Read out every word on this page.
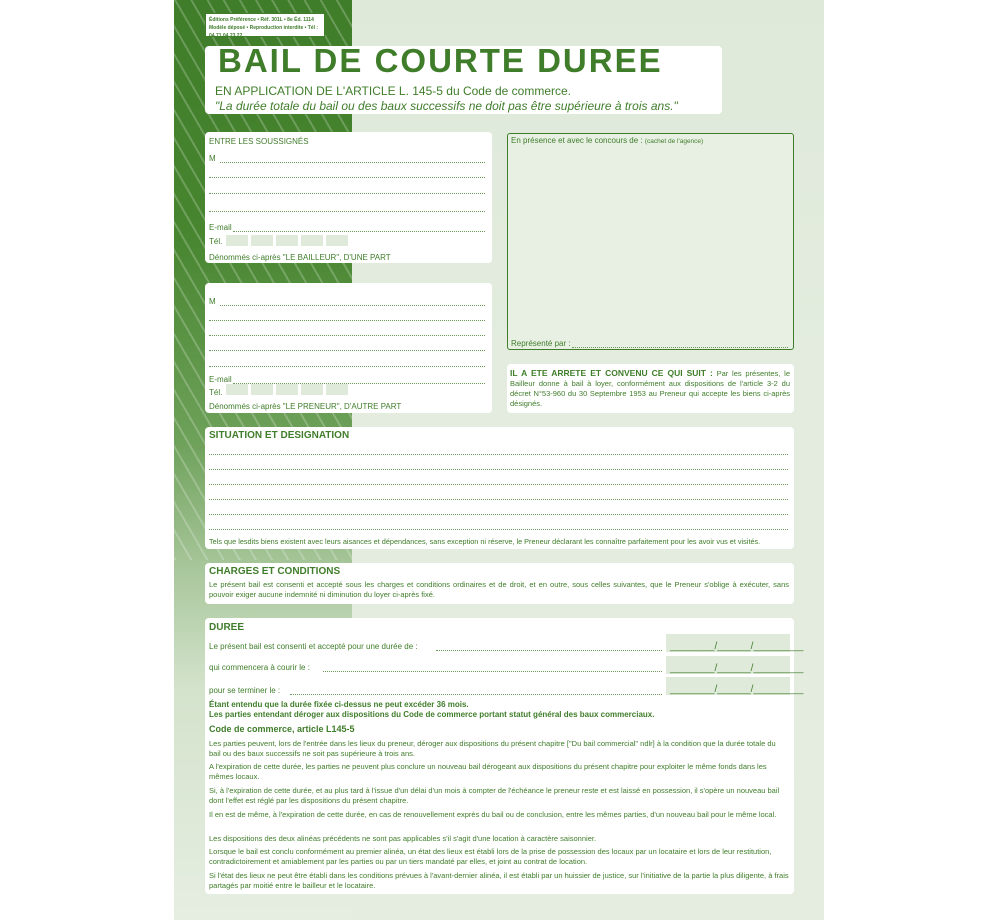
Éditions Préférence • Réf. 301L • 8e Éd. 1114
Modèle déposé • Reproduction interdite • Tél : 04 71 04 23 22
BAIL DE COURTE DUREE
EN APPLICATION DE L'ARTICLE L. 145-5 du Code de commerce.
"La durée totale du bail ou des baux successifs ne doit pas être supérieure à trois ans."
ENTRE LES SOUSSIGNÉS
M
E-mail
Tél.
Dénommés ci-après "LE BAILLEUR", D'UNE PART
M
E-mail
Tél.
Dénommés ci-après "LE PRENEUR", D'AUTRE PART
En présence et avec le concours de : (cachet de l'agence)
Représenté par :
IL A ETE ARRETE ET CONVENU CE QUI SUIT : Par les présentes, le Bailleur donne à bail à loyer, conformément aux dispositions de l'article 3-2 du décret N°53-960 du 30 Septembre 1953 au Preneur qui accepte les biens ci-après désignés.
SITUATION ET DESIGNATION
Tels que lesdits biens existent avec leurs aisances et dépendances, sans exception ni réserve, le Preneur déclarant les connaître parfaitement pour les avoir vus et visités.
CHARGES ET CONDITIONS
Le présent bail est consenti et accepté sous les charges et conditions ordinaires et de droit, et en outre, sous celles suivantes, que le Preneur s'oblige à exécuter, sans pouvoir exiger aucune indemnité ni diminution du loyer ci-après fixé.
DUREE
Le présent bail est consenti et accepté pour une durée de :	________ / ______ / _________
qui commencera à courir le :	________ / ______ / _________
pour se terminer le :	________ / ______ / _________
Étant entendu que la durée fixée ci-dessus ne peut excéder 36 mois.
Les parties entendant déroger aux dispositions du Code de commerce portant statut général des baux commerciaux.
Code de commerce, article L145-5
Les parties peuvent, lors de l'entrée dans les lieux du preneur, déroger aux dispositions du présent chapitre ["Du bail commercial" ndlr] à la condition que la durée totale du bail ou des baux successifs ne soit pas supérieure à trois ans.
A l'expiration de cette durée, les parties ne peuvent plus conclure un nouveau bail dérogeant aux dispositions du présent chapitre pour exploiter le même fonds dans les mêmes locaux.
Si, à l'expiration de cette durée, et au plus tard à l'issue d'un délai d'un mois à compter de l'échéance le preneur reste et est laissé en possession, il s'opère un nouveau bail dont l'effet est réglé par les dispositions du présent chapitre.
Il en est de même, à l'expiration de cette durée, en cas de renouvellement exprès du bail ou de conclusion, entre les mêmes parties, d'un nouveau bail pour le même local.
Les dispositions des deux alinéas précédents ne sont pas applicables s'il s'agit d'une location à caractère saisonnier.
Lorsque le bail est conclu conformément au premier alinéa, un état des lieux est établi lors de la prise de possession des locaux par un locataire et lors de leur restitution, contradictoirement et amiablement par les parties ou par un tiers mandaté par elles, et joint au contrat de location.
Si l'état des lieux ne peut être établi dans les conditions prévues à l'avant-dernier alinéa, il est établi par un huissier de justice, sur l'initiative de la partie la plus diligente, à frais partagés par moitié entre le bailleur et le locataire.
